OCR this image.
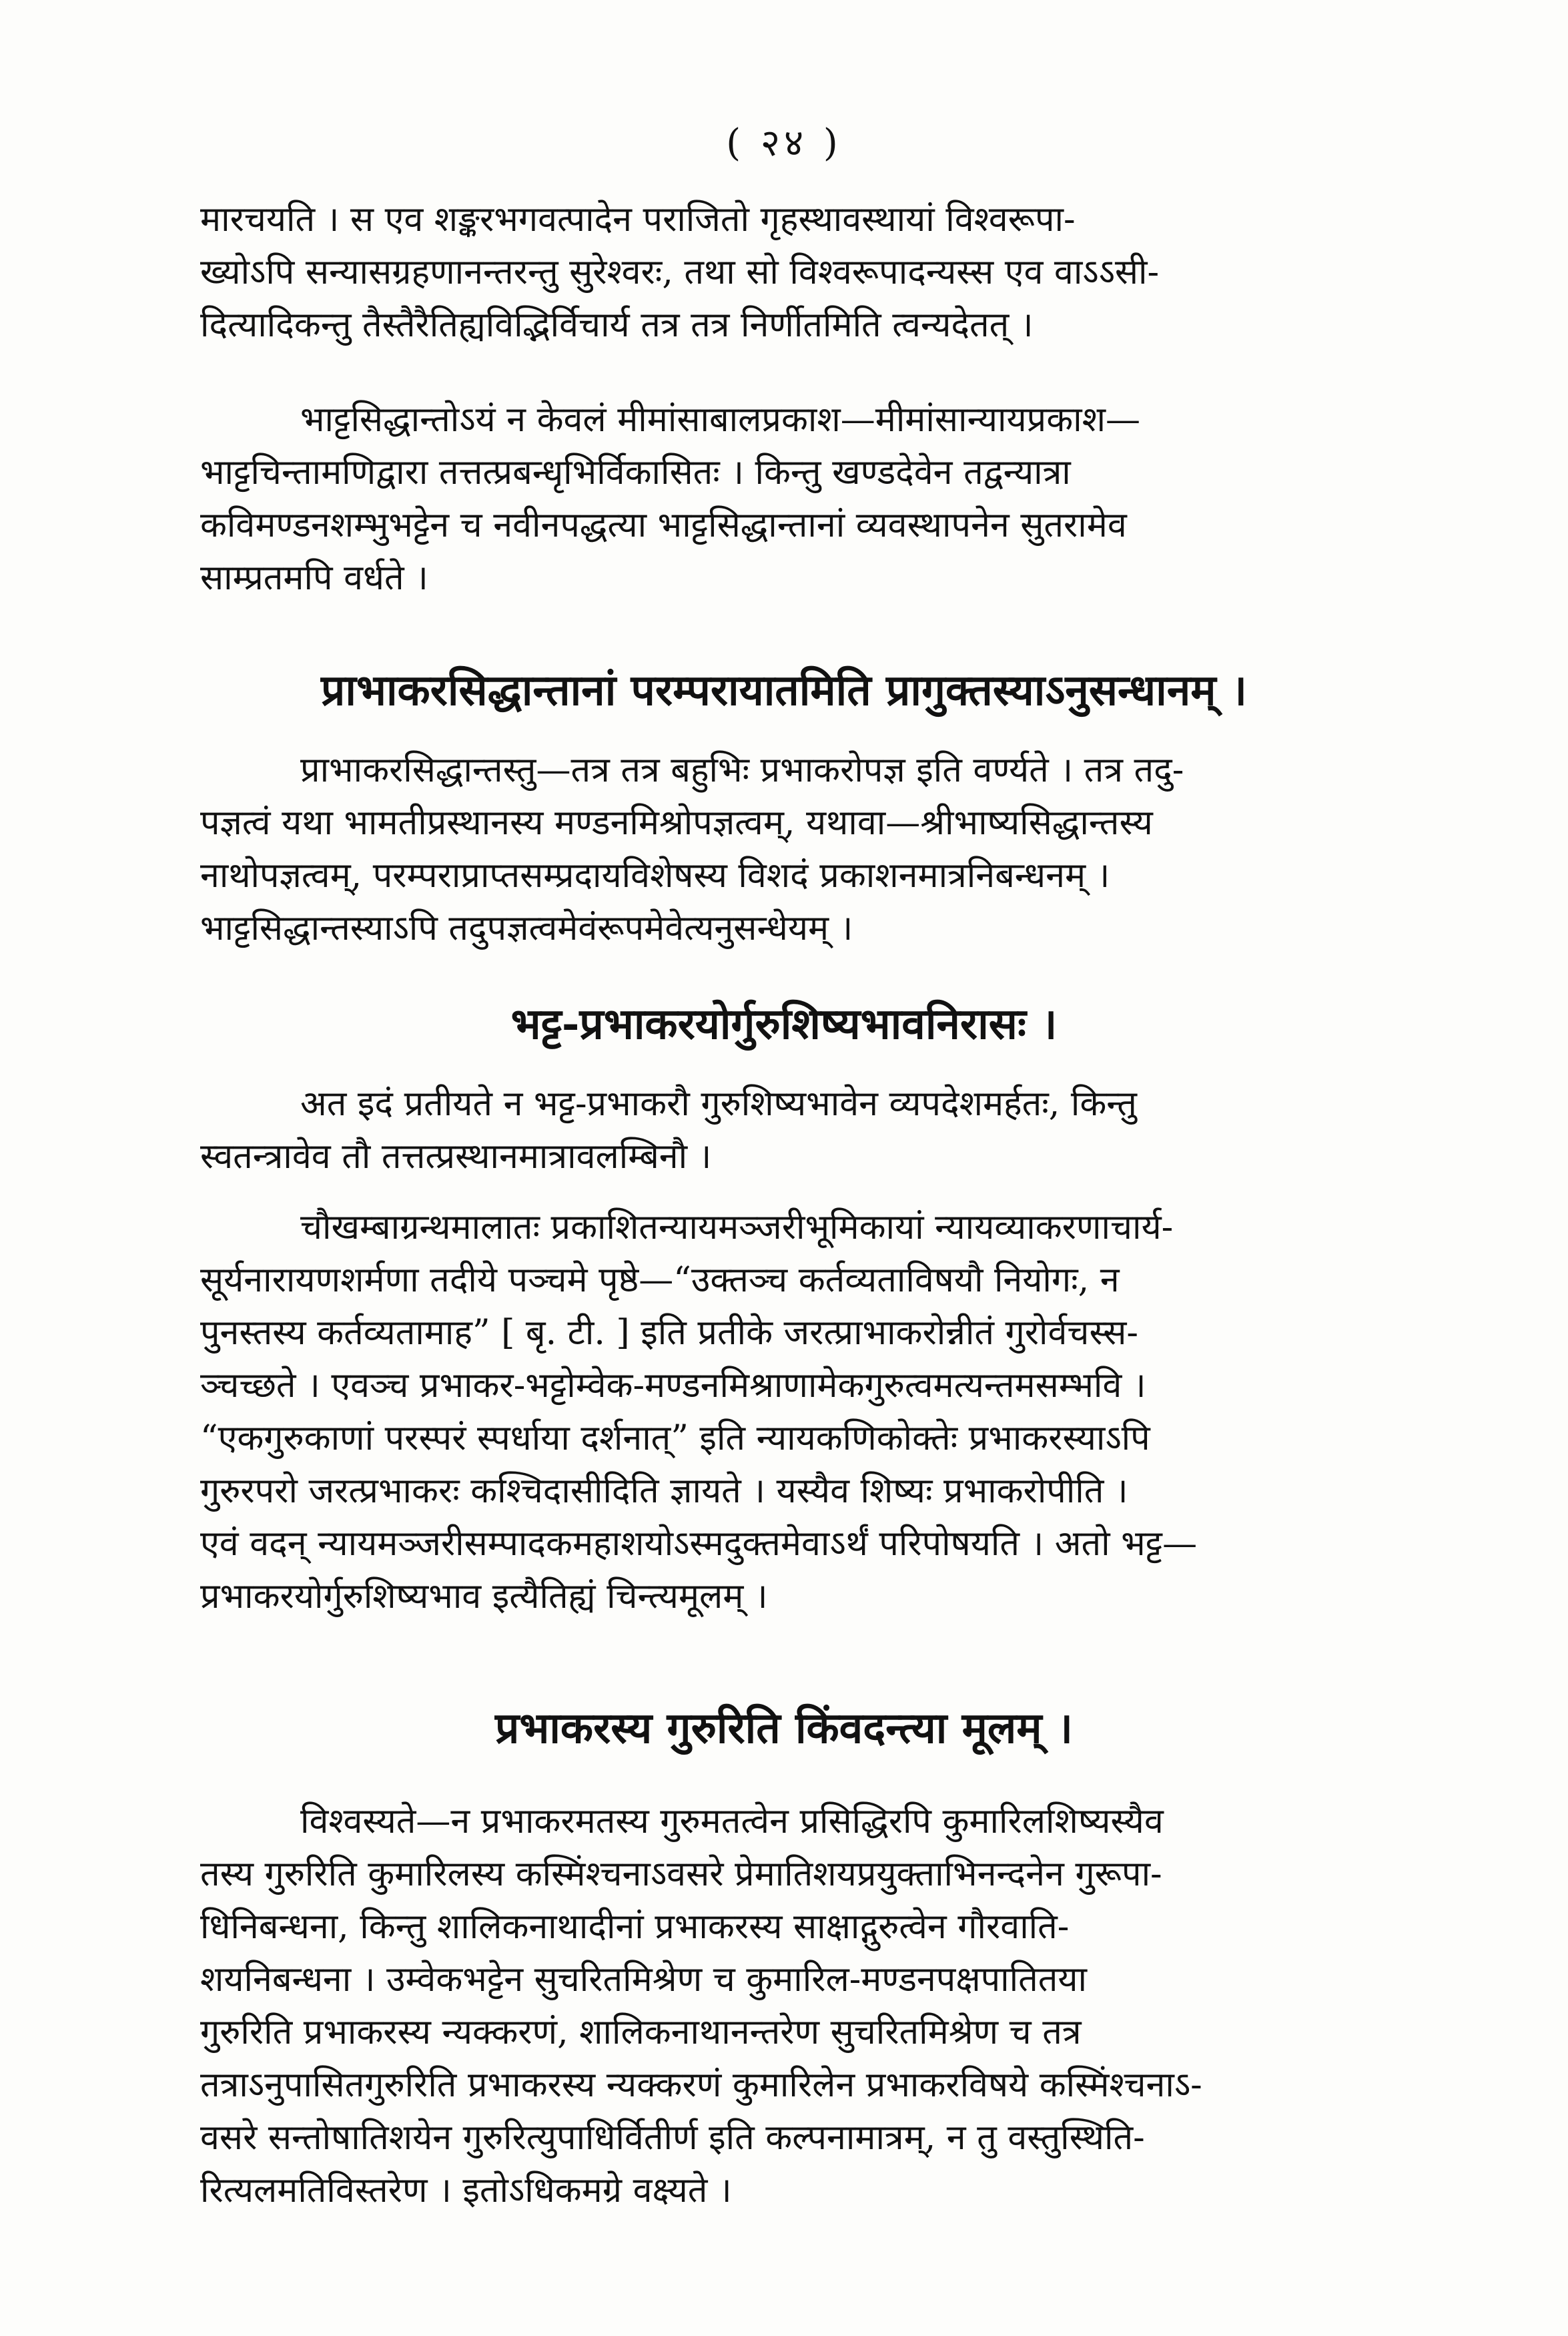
( २४ )

मारचयति । स एव शङ्करभगवत्पादेन पराजितो गृहस्थावस्थायां विश्वरूपा-
ख्योऽपि सन्यासग्रहणानन्तरन्तु सुरेश्वरः, तथा सो विश्वरूपादन्यस्स एव वाऽऽसी-
दित्यादिकन्तु तैस्तैरैतिह्यविद्भिर्विचार्य तत्र तत्र निर्णीतमिति त्वन्यदेतत् ।

भाट्टसिद्धान्तोऽयं न केवलं मीमांसाबालप्रकाश—मीमांसान्यायप्रकाश—
भाट्टचिन्तामणिद्वारा तत्तत्प्रबन्धृभिर्विकासितः । किन्तु खण्डदेवेन तद्वन्यात्रा
कविमण्डनशम्भुभट्टेन च नवीनपद्धत्या भाट्टसिद्धान्तानां व्यवस्थापनेन सुतरामेव
साम्प्रतमपि वर्धते ।

प्राभाकरसिद्धान्तानां परम्परायातमिति प्रागुक्तस्याऽनुसन्धानम् ।

प्राभाकरसिद्धान्तस्तु—तत्र तत्र बहुभिः प्रभाकरोपज्ञ इति वर्ण्यते । तत्र तदु-
पज्ञत्वं यथा भामतीप्रस्थानस्य मण्डनमिश्रोपज्ञत्वम्, यथावा—श्रीभाष्यसिद्धान्तस्य
नाथोपज्ञत्वम्, परम्पराप्राप्तसम्प्रदायविशेषस्य विशदं प्रकाशनमात्रनिबन्धनम् ।
भाट्टसिद्धान्तस्याऽपि तदुपज्ञत्वमेवंरूपमेवेत्यनुसन्धेयम् ।

भट्ट-प्रभाकरयोर्गुरुशिष्यभावनिरासः ।

अत इदं प्रतीयते न भट्ट-प्रभाकरौ गुरुशिष्यभावेन व्यपदेशमर्हतः, किन्तु
स्वतन्त्रावेव तौ तत्तत्प्रस्थानमात्रावलम्बिनौ ।

चौखम्बाग्रन्थमालातः प्रकाशितन्यायमञ्जरीभूमिकायां न्यायव्याकरणाचार्य-
सूर्यनारायणशर्मणा तदीये पञ्चमे पृष्ठे—“उक्तञ्च कर्तव्यताविषयौ नियोगः, न
पुनस्तस्य कर्तव्यतामाह” [ बृ. टी. ] इति प्रतीके जरत्प्राभाकरोन्नीतं गुरोर्वचस्स-
ञ्चच्छते । एवञ्च प्रभाकर-भट्टोम्वेक-मण्डनमिश्राणामेकगुरुत्वमत्यन्तमसम्भवि ।
“एकगुरुकाणां परस्परं स्पर्धाया दर्शनात्” इति न्यायकणिकोक्तेः प्रभाकरस्याऽपि
गुरुरपरो जरत्प्रभाकरः कश्चिदासीदिति ज्ञायते । यस्यैव शिष्यः प्रभाकरोपीति ।
एवं वदन् न्यायमञ्जरीसम्पादकमहाशयोऽस्मदुक्तमेवाऽर्थं परिपोषयति । अतो भट्ट—
प्रभाकरयोर्गुरुशिष्यभाव इत्यैतिह्यं चिन्त्यमूलम् ।

प्रभाकरस्य गुरुरिति किंवदन्त्या मूलम् ।

विश्वस्यते—न प्रभाकरमतस्य गुरुमतत्वेन प्रसिद्धिरपि कुमारिलशिष्यस्यैव
तस्य गुरुरिति कुमारिलस्य कस्मिंश्चनाऽवसरे प्रेमातिशयप्रयुक्ताभिनन्दनेन गुरूपा-
धिनिबन्धना, किन्तु शालिकनाथादीनां प्रभाकरस्य साक्षाद्गुरुत्वेन गौरवाति-
शयनिबन्धना । उम्वेकभट्टेन सुचरितमिश्रेण च कुमारिल-मण्डनपक्षपातितया
गुरुरिति प्रभाकरस्य न्यक्करणं, शालिकनाथानन्तरेण सुचरितमिश्रेण च तत्र
तत्राऽनुपासितगुरुरिति प्रभाकरस्य न्यक्करणं कुमारिलेन प्रभाकरविषये कस्मिंश्चनाऽ-
वसरे सन्तोषातिशयेन गुरुरित्युपाधिर्वितीर्ण इति कल्पनामात्रम्, न तु वस्तुस्थिति-
रित्यलमतिविस्तरेण । इतोऽधिकमग्रे वक्ष्यते ।
